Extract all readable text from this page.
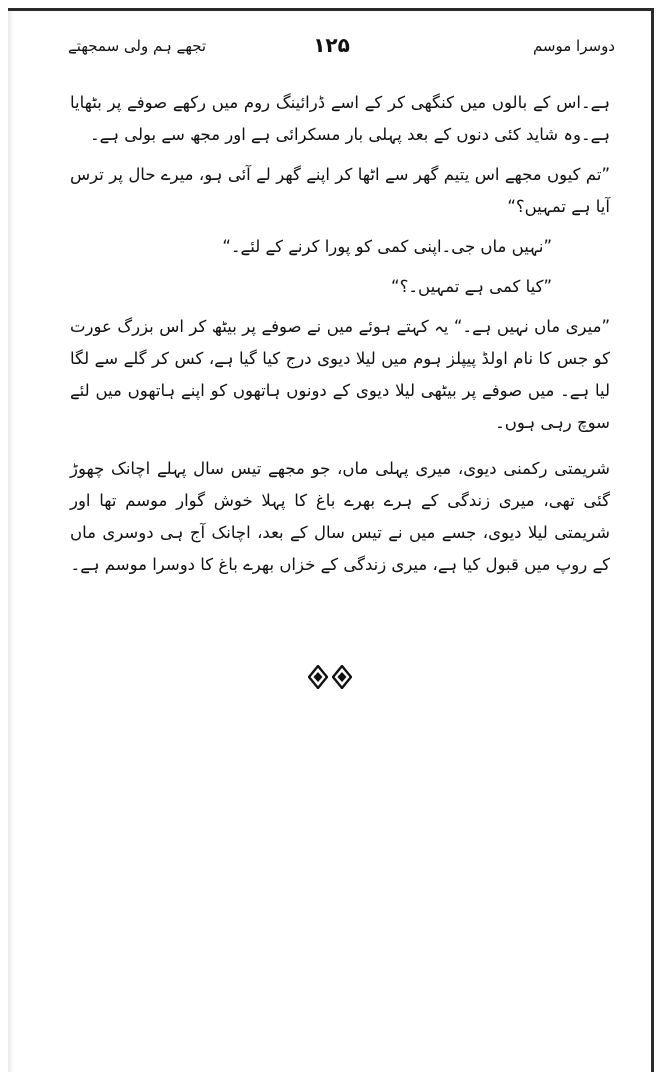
دوسرا موسم
۱۲۵
تجھے ہم ولی سمجھتے

ہے۔اس کے بالوں میں کنگھی کر کے اسے ڈرائینگ روم میں رکھے صوفے پر بٹھایا ہے۔وہ شاید کئی دنوں کے بعد پہلی بار مسکرائی ہے اور مجھ سے بولی ہے۔

”تم کیوں مجھے اس یتیم گھر سے اٹھا کر اپنے گھر لے آئی ہو، میرے حال پر ترس آیا ہے تمہیں؟“

”نہیں ماں جی۔اپنی کمی کو پورا کرنے کے لئے۔“

”کیا کمی ہے تمہیں۔؟“

”میری ماں نہیں ہے۔“ یہ کہتے ہوئے میں نے صوفے پر بیٹھ کر اس بزرگ عورت کو جس کا نام اولڈ پیپلز ہوم میں لیلا دیوی درج کیا گیا ہے، کس کر گلے سے لگا لیا ہے۔ میں صوفے پر بیٹھی لیلا دیوی کے دونوں ہاتھوں کو اپنے ہاتھوں میں لئے سوچ رہی ہوں۔

شریمتی رکمنی دیوی، میری پہلی ماں، جو مجھے تیس سال پہلے اچانک چھوڑ گئی تھی، میری زندگی کے ہرے بھرے باغ کا پہلا خوش گوار موسم تھا اور شریمتی لیلا دیوی، جسے میں نے تیس سال کے بعد، اچانک آج ہی دوسری ماں کے روپ میں قبول کیا ہے، میری زندگی کے خزاں بھرے باغ کا دوسرا موسم ہے۔
